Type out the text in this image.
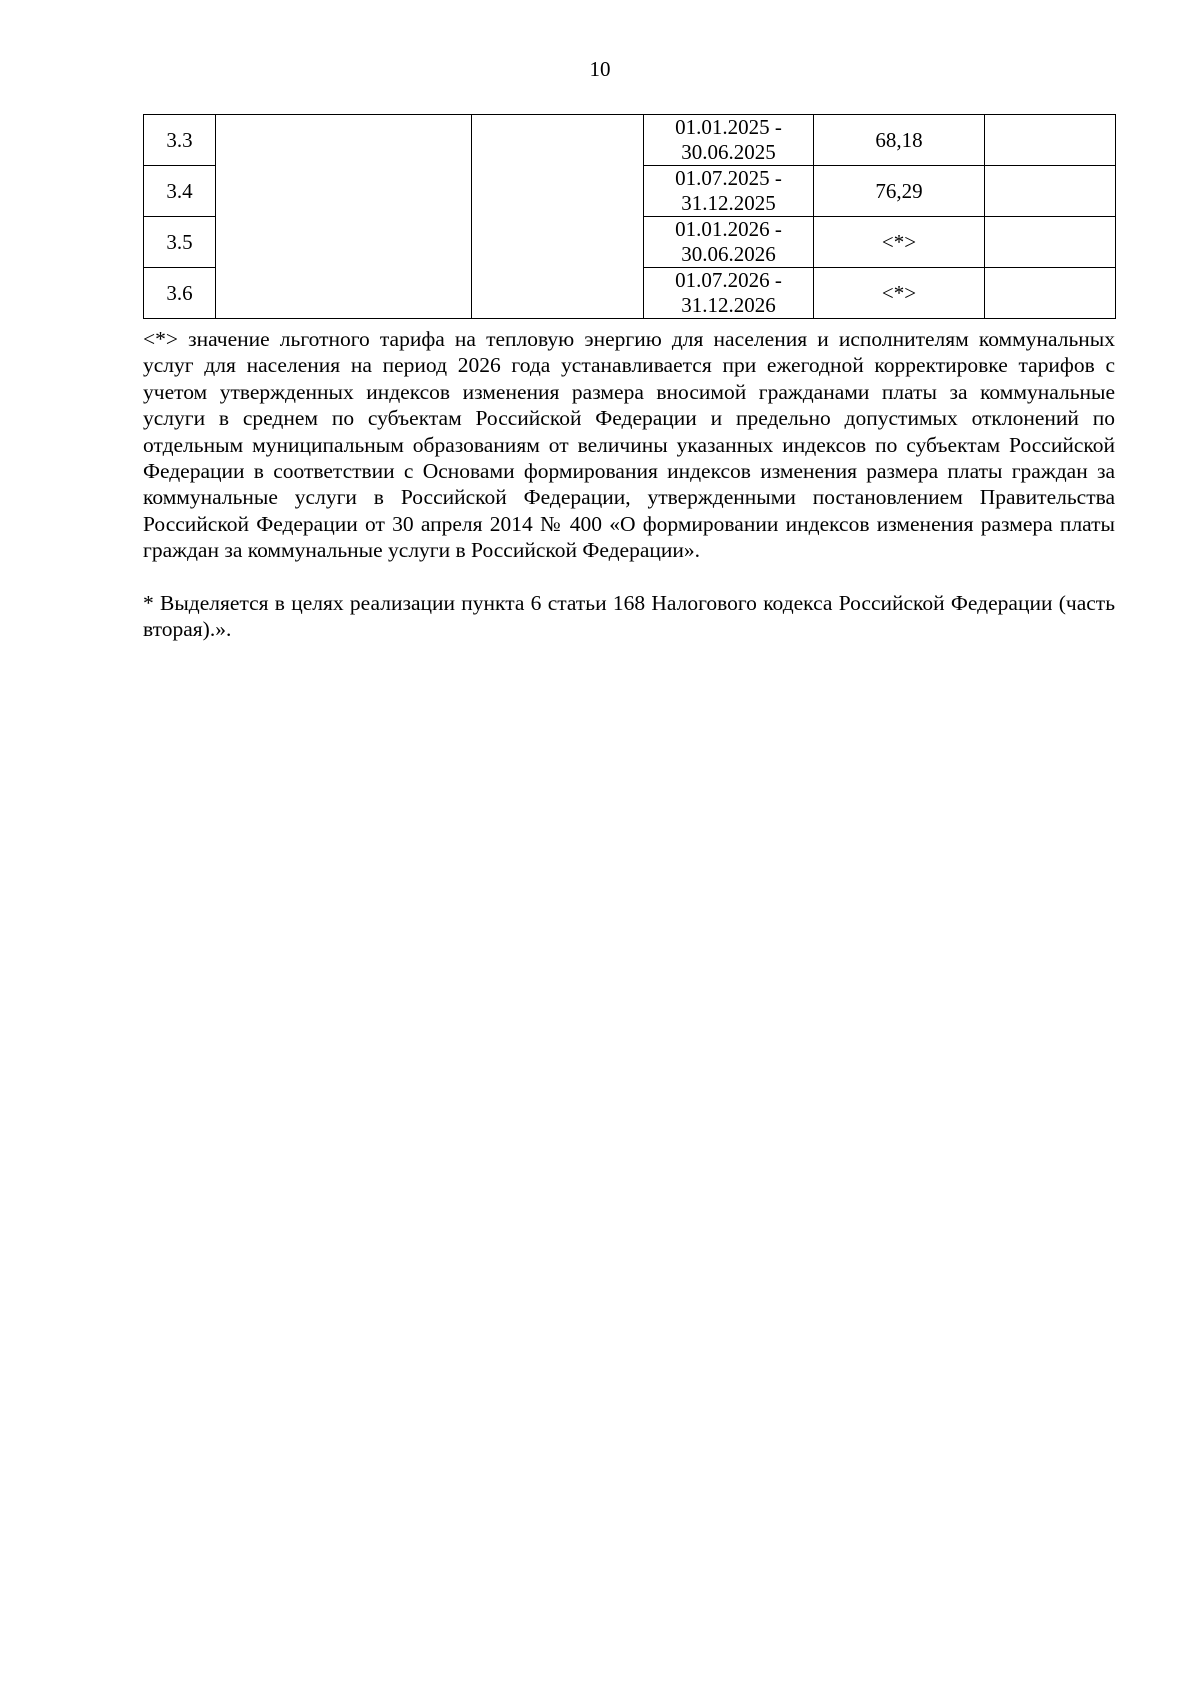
10
3.3			01.01.2025 -
30.06.2025	68,18	
3.4			01.07.2025 -
31.12.2025	76,29	
3.5			01.01.2026 -
30.06.2026	<*>	
3.6			01.07.2026 -
31.12.2026	<*>	

<*> значение льготного тарифа на тепловую энергию для населения и исполнителям коммунальных услуг для населения на период 2026 года устанавливается при ежегодной корректировке тарифов с учетом утвержденных индексов изменения размера вносимой гражданами платы за коммунальные услуги в среднем по субъектам Российской Федерации и предельно допустимых отклонений по отдельным муниципальным образованиям от величины указанных индексов по субъектам Российской Федерации в соответствии с Основами формирования индексов изменения размера платы граждан за коммунальные услуги в Российской Федерации, утвержденными постановлением Правительства Российской Федерации от 30 апреля 2014 № 400 «О формировании индексов изменения размера платы граждан за коммунальные услуги в Российской Федерации».

* Выделяется в целях реализации пункта 6 статьи 168 Налогового кодекса Российской Федерации (часть вторая).».
